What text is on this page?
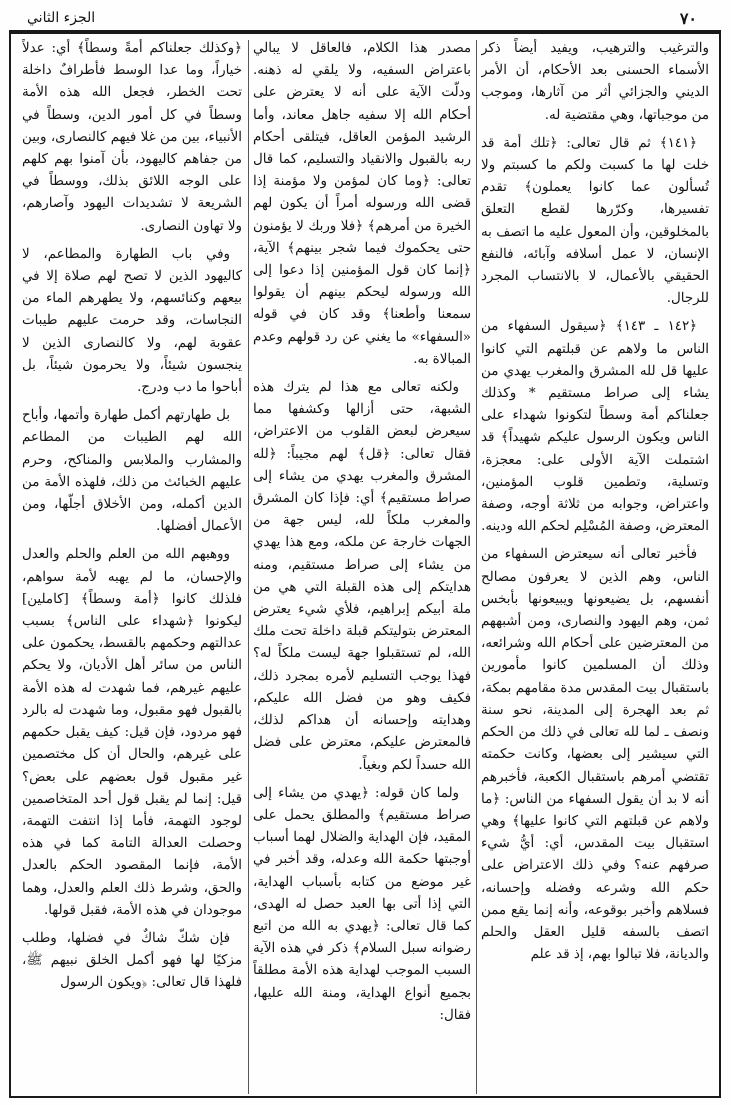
٧٠
الجزء الثاني

والترغيب والترهيب، ويفيد أيضاً ذكر الأسماء الحسنى بعد الأحكام، أن الأمر الديني والجزائي أثر من آثارها، وموجب من موجباتها، وهي مقتضية له.

﴿١٤١﴾ ثم قال تعالى: ﴿تلك أمة قد خلت لها ما كسبت ولكم ما كسبتم ولا تُسألون عما كانوا يعملون﴾ تقدم تفسيرها، وكرّرها لقطع التعلق بالمخلوقين، وأن المعول عليه ما اتصف به الإنسان، لا عمل أسلافه وآبائه، فالنفع الحقيقي بالأعمال، لا بالانتساب المجرد للرجال.

﴿١٤٢ ـ ١٤٣﴾ ﴿سيقول السفهاء من الناس ما ولاهم عن قبلتهم التي كانوا عليها قل لله المشرق والمغرب يهدي من يشاء إلى صراط مستقيم * وكذلك جعلناكم أمة وسطاً لتكونوا شهداء على الناس ويكون الرسول عليكم شهيداً﴾ قد اشتملت الآية الأولى على: معجزة، وتسلية، وتطمين قلوب المؤمنين، واعتراض، وجوابه من ثلاثة أوجه، وصفة المعترض، وصفة المُسْلِم لحكم الله ودينه.

فأخبر تعالى أنه سيعترض السفهاء من الناس، وهم الذين لا يعرفون مصالح أنفسهم، بل يضيعونها ويبيعونها بأبخس ثمن، وهم اليهود والنصارى، ومن أشبههم من المعترضين على أحكام الله وشرائعه، وذلك أن المسلمين كانوا مأمورين باستقبال بيت المقدس مدة مقامهم بمكة، ثم بعد الهجرة إلى المدينة، نحو سنة ونصف ـ لما لله تعالى في ذلك من الحكم التي سيشير إلى بعضها، وكانت حكمته تقتضي أمرهم باستقبال الكعبة، فأخبرهم أنه لا بد أن يقول السفهاء من الناس: ﴿ما ولاهم عن قبلتهم التي كانوا عليها﴾ وهي استقبال بيت المقدس، أي: أيُّ شيء صرفهم عنه؟ وفي ذلك الاعتراض على حكم الله وشرعه وفضله وإحسانه، فسلاهم وأخبر بوقوعه، وأنه إنما يقع ممن اتصف بالسفه قليل العقل والحلم والديانة، فلا تبالوا بهم، إذ قد علم

مصدر هذا الكلام، فالعاقل لا يبالي باعتراض السفيه، ولا يلقي له ذهنه. ودلّت الآية على أنه لا يعترض على أحكام الله إلا سفيه جاهل معاند، وأما الرشيد المؤمن العاقل، فيتلقى أحكام ربه بالقبول والانقياد والتسليم، كما قال تعالى: ﴿وما كان لمؤمن ولا مؤمنة إذا قضى الله ورسوله أمراً أن يكون لهم الخيرة من أمرهم﴾ ﴿فلا وربك لا يؤمنون حتى يحكموك فيما شجر بينهم﴾ الآية، ﴿إنما كان قول المؤمنين إذا دعوا إلى الله ورسوله ليحكم بينهم أن يقولوا سمعنا وأطعنا﴾ وقد كان في قوله «السفهاء» ما يغني عن رد قولهم وعدم المبالاة به.

ولكنه تعالى مع هذا لم يترك هذه الشبهة، حتى أزالها وكشفها مما سيعرض لبعض القلوب من الاعتراض، فقال تعالى: ﴿قل﴾ لهم مجيباً: ﴿لله المشرق والمغرب يهدي من يشاء إلى صراط مستقيم﴾ أي: فإذا كان المشرق والمغرب ملكاً لله، ليس جهة من الجهات خارجة عن ملكه، ومع هذا يهدي من يشاء إلى صراط مستقيم، ومنه هدايتكم إلى هذه القبلة التي هي من ملة أبيكم إبراهيم، فلأي شيء يعترض المعترض بتوليتكم قبلة داخلة تحت ملك الله، لم تستقبلوا جهة ليست ملكاً له؟ فهذا يوجب التسليم لأمره بمجرد ذلك، فكيف وهو من فضل الله عليكم، وهدايته وإحسانه أن هداكم لذلك، فالمعترض عليكم، معترض على فضل الله حسداً لكم وبغياً.

ولما كان قوله: ﴿يهدي من يشاء إلى صراط مستقيم﴾ والمطلق يحمل على المقيد، فإن الهداية والضلال لهما أسباب أوجبتها حكمة الله وعدله، وقد أخبر في غير موضع من كتابه بأسباب الهداية، التي إذا أتى بها العبد حصل له الهدى، كما قال تعالى: ﴿يهدي به الله من اتبع رضوانه سبل السلام﴾ ذكر في هذه الآية السبب الموجب لهداية هذه الأمة مطلقاً بجميع أنواع الهداية، ومنة الله عليها، فقال:

﴿وكذلك جعلناكم أمةً وسطاً﴾ أي: عدلاً خياراً، وما عدا الوسط فأطرافٌ داخلة تحت الخطر، فجعل الله هذه الأمة وسطاً في كل أمور الدين، وسطاً في الأنبياء، بين من غلا فيهم كالنصارى، وبين من جفاهم كاليهود، بأن آمنوا بهم كلهم على الوجه اللائق بذلك، ووسطاً في الشريعة لا تشديدات اليهود وآصارهم، ولا تهاون النصارى.

وفي باب الطهارة والمطاعم، لا كاليهود الذين لا تصح لهم صلاة إلا في بيعهم وكنائسهم، ولا يطهرهم الماء من النجاسات، وقد حرمت عليهم طيبات عقوبة لهم، ولا كالنصارى الذين لا ينجسون شيئاً، ولا يحرمون شيئاً، بل أباحوا ما دب ودرج.

بل طهارتهم أكمل طهارة وأتمها، وأباح الله لهم الطيبات من المطاعم والمشارب والملابس والمناكح، وحرم عليهم الخبائث من ذلك، فلهذه الأمة من الدين أكمله، ومن الأخلاق أجلّها، ومن الأعمال أفضلها.

ووهبهم الله من العلم والحلم والعدل والإحسان، ما لم يهبه لأمة سواهم، فلذلك كانوا ﴿أمة وسطاً﴾ [كاملين] ليكونوا ﴿شهداء على الناس﴾ بسبب عدالتهم وحكمهم بالقسط، يحكمون على الناس من سائر أهل الأديان، ولا يحكم عليهم غيرهم، فما شهدت له هذه الأمة بالقبول فهو مقبول، وما شهدت له بالرد فهو مردود، فإن قيل: كيف يقبل حكمهم على غيرهم، والحال أن كل مختصمين غير مقبول قول بعضهم على بعض؟ قيل: إنما لم يقبل قول أحد المتخاصمين لوجود التهمة، فأما إذا انتفت التهمة، وحصلت العدالة التامة كما في هذه الأمة، فإنما المقصود الحكم بالعدل والحق، وشرط ذلك العلم والعدل، وهما موجودان في هذه الأمة، فقبل قولها.

فإن شكّ شاكٌ في فضلها، وطلب مزكيًا لها فهو أكمل الخلق نبيهم ﷺ، فلهذا قال تعالى: ﴿ويكون الرسول
